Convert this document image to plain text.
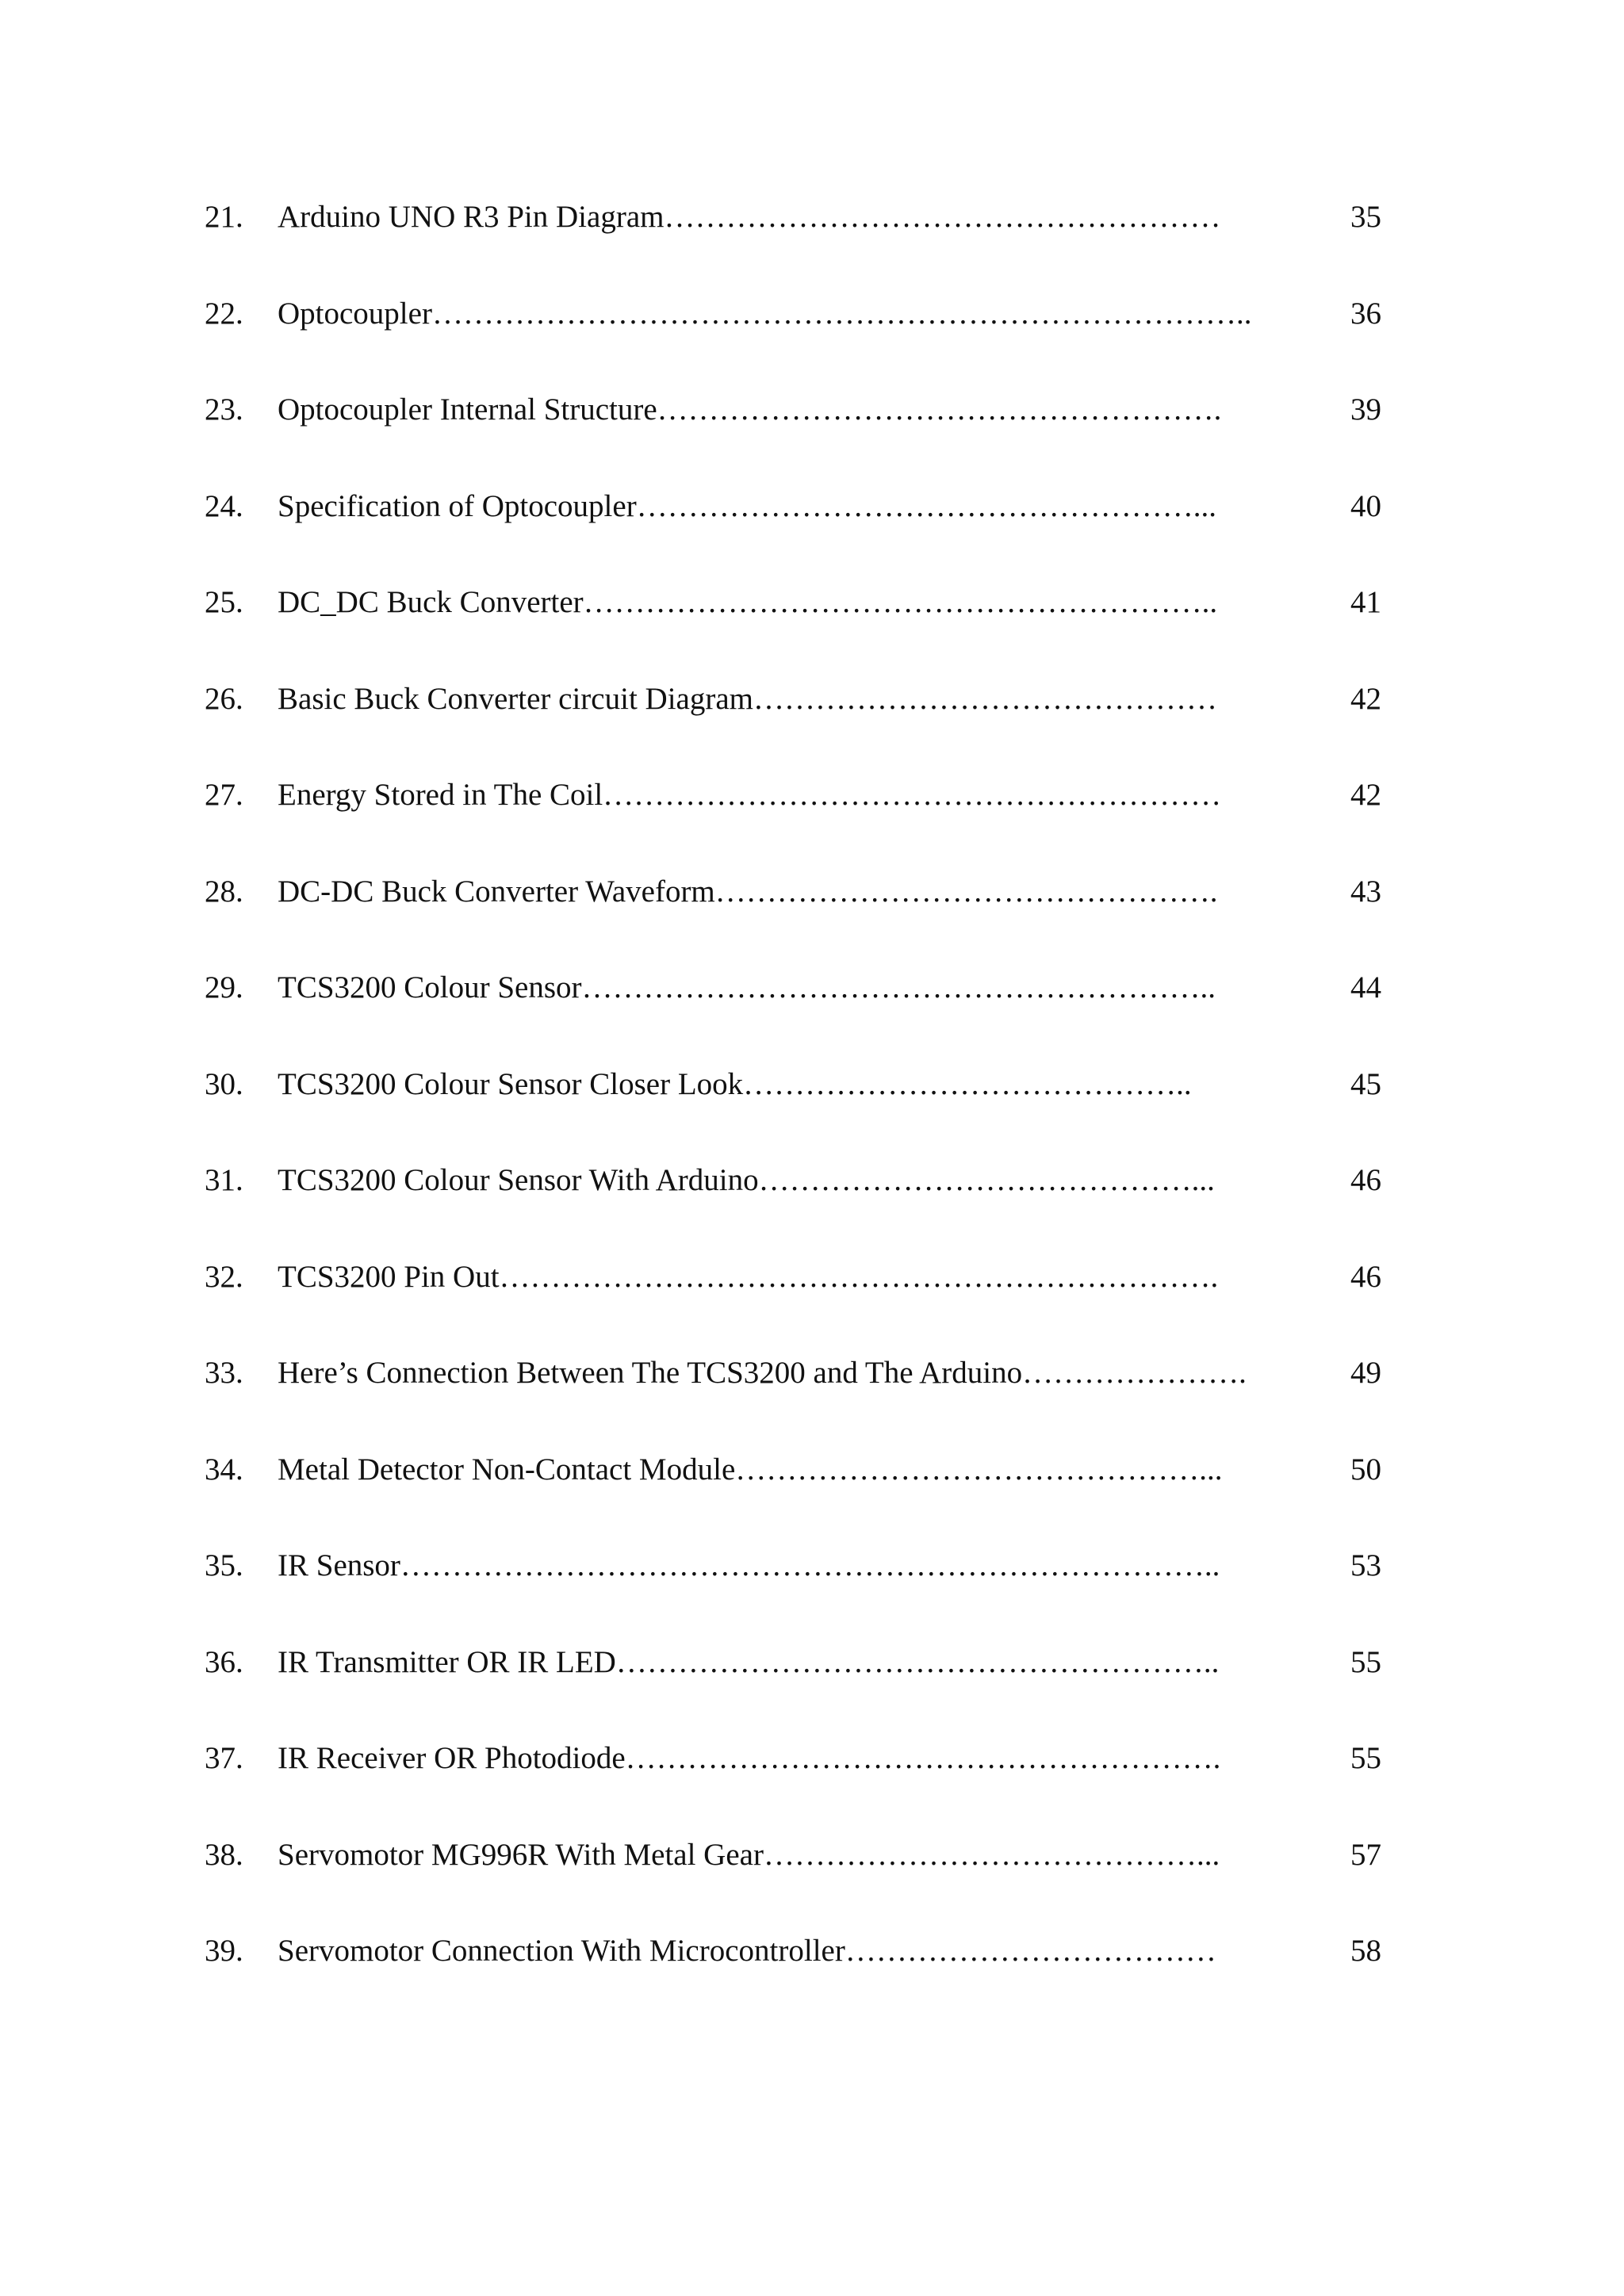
21. Arduino UNO R3 Pin Diagram………………………………………………	35
22. Optocoupler……………………………………………………………………..	36
23. Optocoupler Internal Structure……………………………………………….	39
24. Specification of Optocoupler………………………………………………...	40
25. DC_DC Buck Converter……………………………………………………..	41
26. Basic Buck Converter circuit Diagram………………………………………	42
27. Energy Stored in The Coil……………………………………………………	42
28. DC-DC Buck Converter Waveform………………………………………….	43
29. TCS3200 Colour Sensor……………………………………………………..	44
30. TCS3200 Colour Sensor Closer Look……………………………………..	45
31. TCS3200 Colour Sensor With Arduino……………………………………...	46
32. TCS3200 Pin Out…………………………………………………………….	46
33. Here’s Connection Between The TCS3200 and The Arduino………………….	49
34. Metal Detector Non-Contact Module………………………………………...	50
35. IR Sensor……………………………………………………………………..	53
36. IR Transmitter OR IR LED…………………………………………………..	55
37. IR Receiver OR Photodiode………………………………………………….	55
38. Servomotor MG996R With Metal Gear……………………………………...	57
39. Servomotor Connection With Microcontroller………………………………	58
